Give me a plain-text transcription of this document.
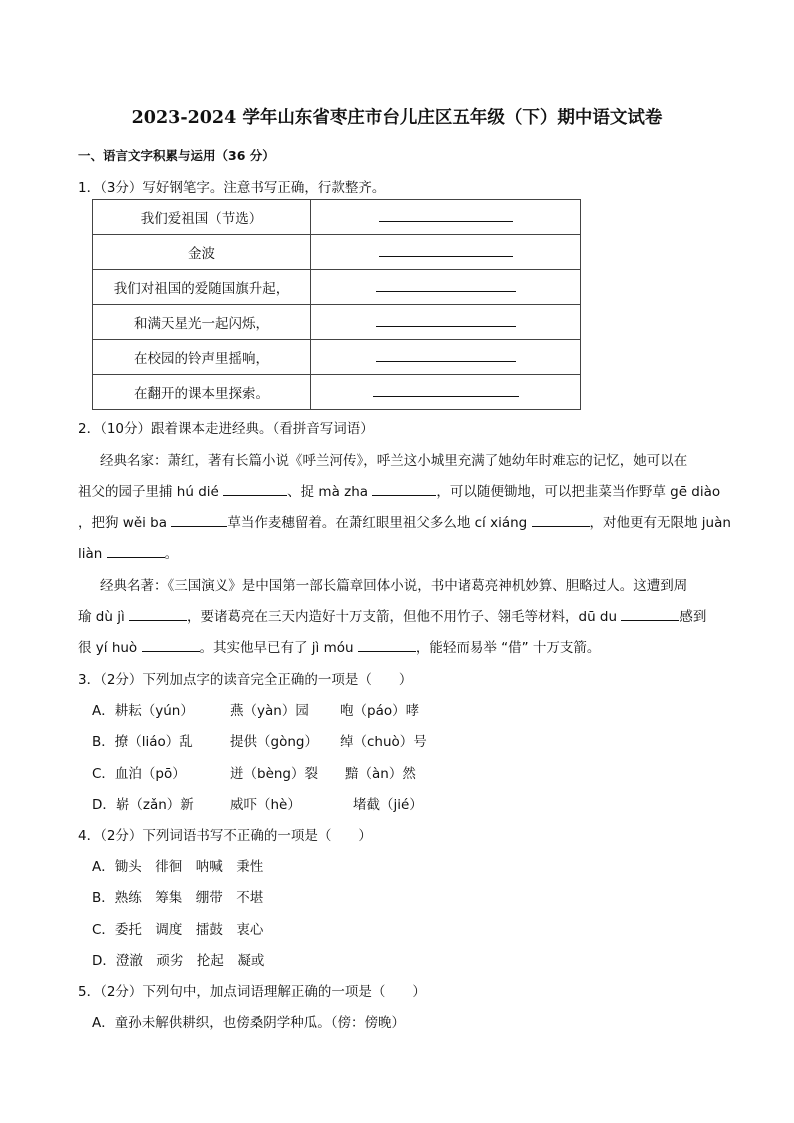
2023-2024 学年山东省枣庄市台儿庄区五年级（下）期中语文试卷
一、语言文字积累与运用（36 分）
1．（3分）写好钢笔字。注意书写正确，行款整齐。
我们爱祖国（节选）	
金波	
我们对祖国的爱随国旗升起，	
和满天星光一起闪烁，	
在校园的铃声里摇响，	
在翻开的课本里探索。	
2．（10分）跟着课本走进经典。（看拼音写词语）
经典名家：萧红，著有长篇小说《呼兰河传》，呼兰这小城里充满了她幼年时难忘的记忆，她可以在
祖父的园子里捕 hú dié	、捉 mà zha	，可以随便锄地，可以把韭菜当作野草 gē diào
，把狗 wěi ba	草当作麦穗留着。在萧红眼里祖父多么地 cí xiáng	，对他更有无限地 juàn
liàn	。
经典名著：《三国演义》是中国第一部长篇章回体小说，书中诸葛亮神机妙算、胆略过人。这遭到周
瑜 dù jì	，要诸葛亮在三天内造好十万支箭，但他不用竹子、翎毛等材料，dū du	感到
很 yí huò	。其实他早已有了 jì móu	，能轻而易举 “借” 十万支箭。
3．（2分）下列加点字的读音完全正确的一项是（　　）
A．耕耘（yún）	燕（yàn）园 咆（páo）哮
B．撩（liáo）乱	提供（gòng） 绰（chuò）号
C．血泊（pō）	迸（bèng）裂 黯（àn）然
D．崭（zǎn）新	威吓（hè）	堵截（jié）
4．（2分）下列词语书写不正确的一项是（　　）
A．锄头　徘徊　呐喊　秉性
B．熟练　筹集　绷带　不堪
C．委托　调度　擂鼓　衷心
D．澄澈　顽劣　抡起　凝或
5．（2分）下列句中，加点词语理解正确的一项是（　　）
A．童孙未解供耕织，也傍桑阴学种瓜。（傍：傍晚）
